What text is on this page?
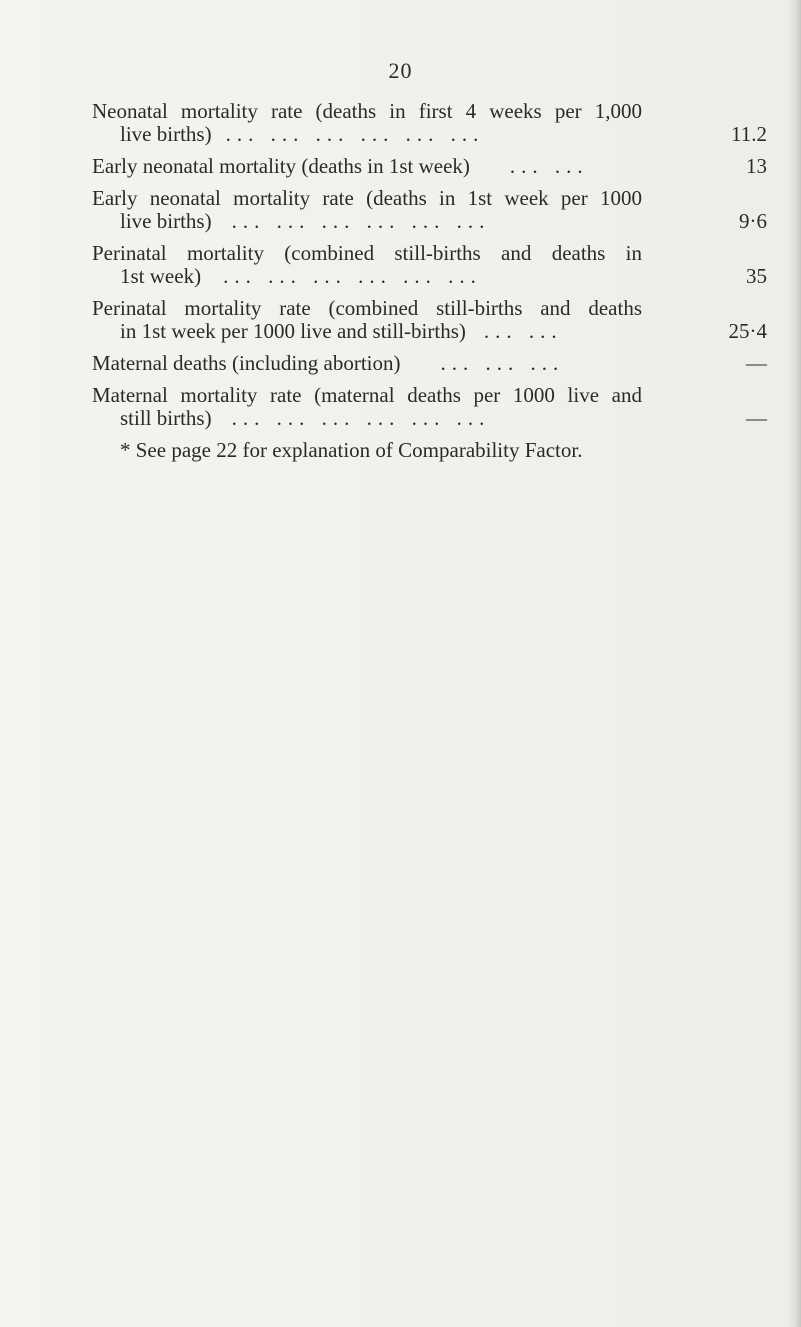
20
Neonatal mortality rate (deaths in first 4 weeks per 1,000
live births) ... ... ... ... ... ...	11.2
Early neonatal mortality (deaths in 1st week) ... ...	13
Early neonatal mortality rate (deaths in 1st week per 1000
live births) ... ... ... ... ... ...	9·6
Perinatal mortality (combined still-births and deaths in
1st week) ... ... ... ... ... ...	35
Perinatal mortality rate (combined still-births and deaths
in 1st week per 1000 live and still-births) ... ...	25·4
Maternal deaths (including abortion) ... ... ...	—
Maternal mortality rate (maternal deaths per 1000 live and
still births) ... ... ... ... ... ...	—
* See page 22 for explanation of Comparability Factor.
